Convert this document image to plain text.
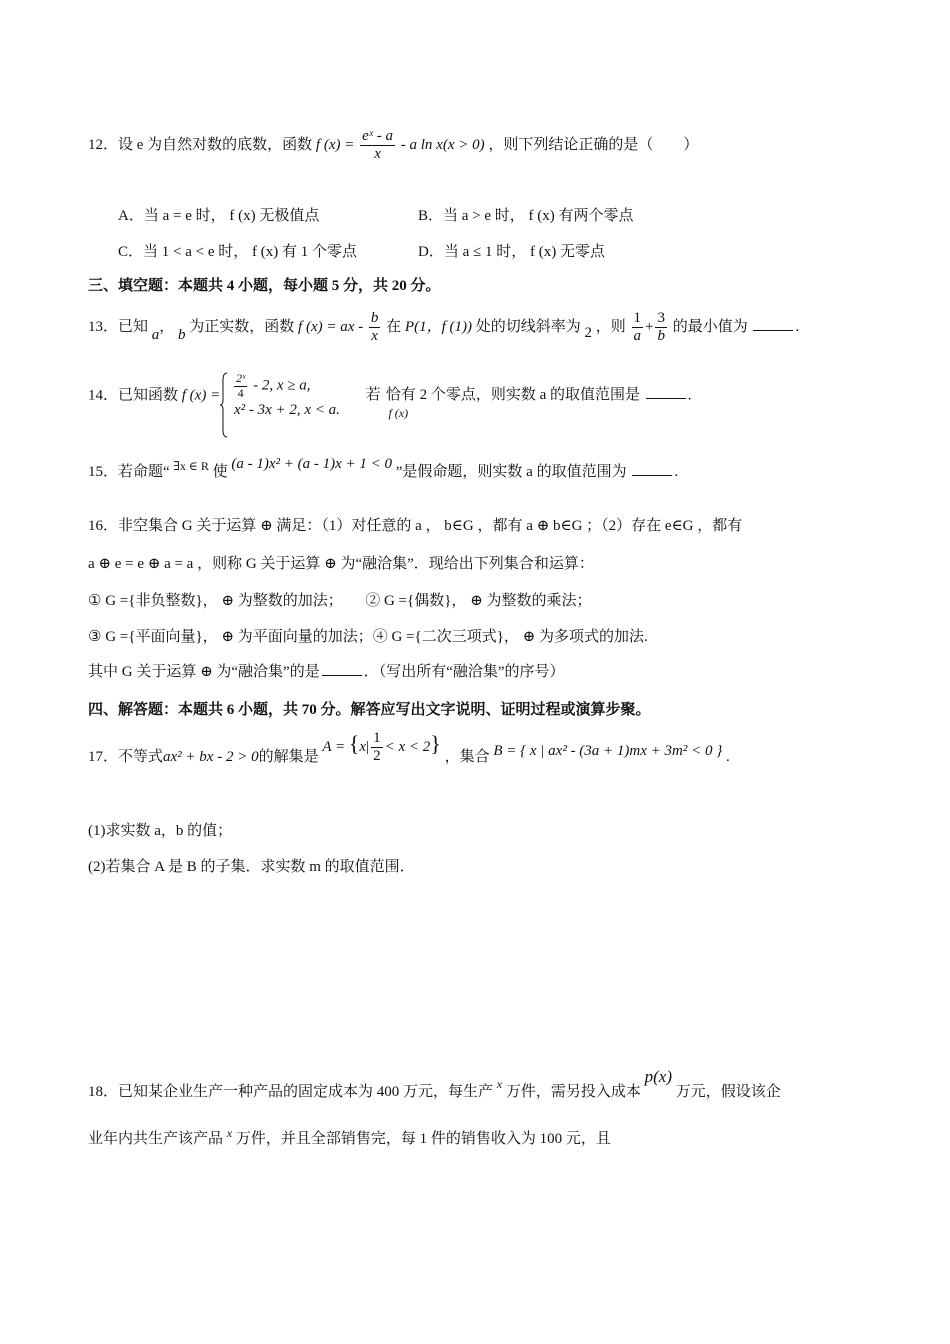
12．设 e 为自然对数的底数，函数 f $(x) = \frac{\text{eˣ - a}}{x} - a$ ln x(x > 0) ，则下列结论正确的是（　　）
A．当 a = e 时， f (x) 无极值点	B．当 a > e 时， f (x) 有两个零点
C．当 1 < a < e 时， f (x) 有 1 个零点	D．当 a ≤ 1 时， f (x) 无零点
三、填空题：本题共 4 小题，每小题 5 分，共 20 分。
13．已知 a， b 为正实数，函数 f (x) = ax - $\frac{b}{x}$ 在 P(1，f (1)) 处的切线斜率为 2 ，则 $\frac{1}{a} + \frac{3}{b}$ 的最小值为	.
14．已知函数 f $(x) = \frac{\text{2ˣ}}{4} - 2$, x ≥ a,
x² - 3x + 2, x < a.
若 $_{f (x)}$ 恰有 2 个零点，则实数 a 的取值范围是	.
15．若命题“ $^{\exists x \in R}$ 使 (a - 1)x² + (a - 1)x + 1 < 0 ”是假命题，则实数 a 的取值范围为	.
16．非空集合 G 关于运算 ⊕ 满足：（1）对任意的 a ， b∈G ，都有 a ⊕ b∈G ；（2）存在 e∈G ，都有
a ⊕ e = e ⊕ a = a ，则称 G 关于运算 ⊕ 为“融洽集”．现给出下列集合和运算：
① G ={非负整数}， ⊕ 为整数的加法；　　② G ={偶数}， ⊕ 为整数的乘法；
③ G ={平面向量}， ⊕ 为平面向量的加法；④ G ={二次三项式}， ⊕ 为多项式的加法.
其中 G 关于运算 ⊕ 为“融洽集”的是	．（写出所有“融洽集”的序号）
四、解答题：本题共 6 小题，共 70 分。解答应写出文字说明、证明过程或演算步聚。
17．不等式ax² + bx - 2 > 0的解集是 $A = \{x| \frac{1}{2} < x < 2\}$ ，集合 B = { x | ax² - (3a + 1)mx + 3m² < 0 } .
(1)求实数 a，b 的值；
(2)若集合 A 是 B 的子集．求实数 m 的取值范围．
18．已知某企业生产一种产品的固定成本为 400 万元，每生产 $^x$ 万件，需另投入成本 p(x) 万元，假设该企
业年内共生产该产品 $^x$ 万件，并且全部销售完，每 1 件的销售收入为 100 元，且
